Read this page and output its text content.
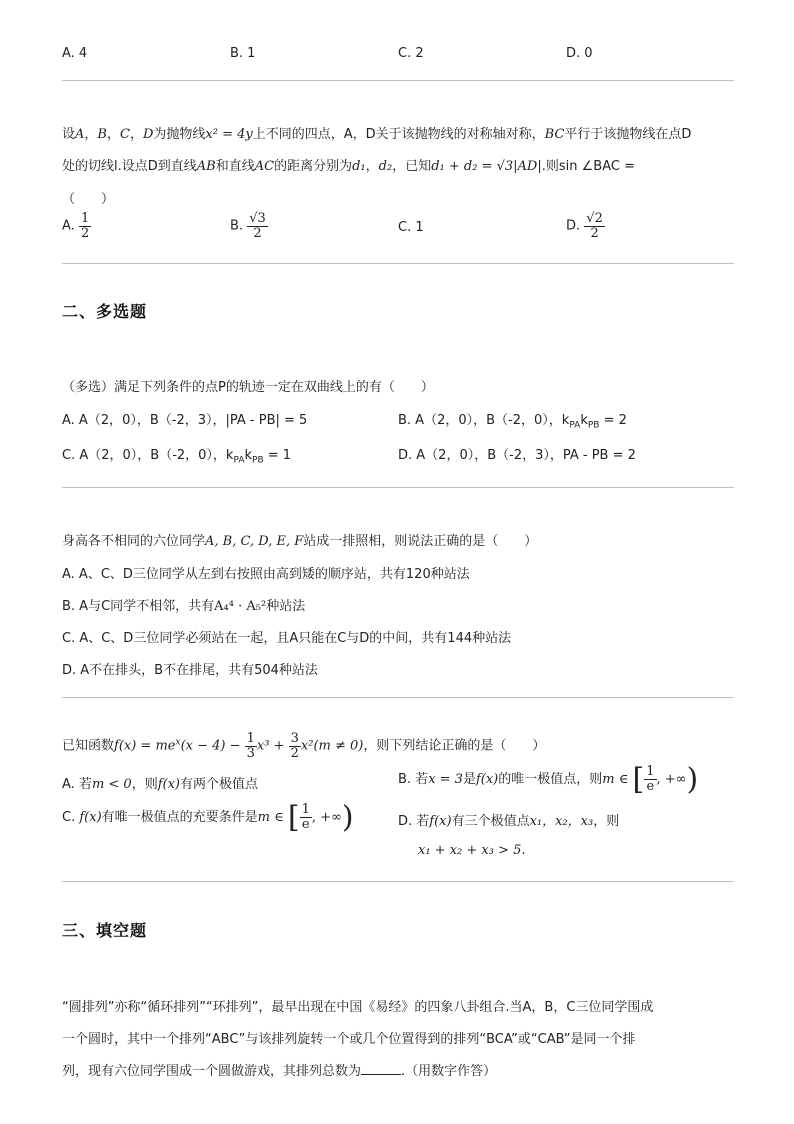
A. 4	B. 1	C. 2	D. 0
设A，B，C，D为抛物线x² = 4y上不同的四点，A，D关于该抛物线的对称轴对称，BC平行于该抛物线在点D
处的切线l.设点D到直线AB和直线AC的距离分别为d₁，d₂，已知d₁ + d₂ = √3|AD|.则sin ∠BAC =
（　　）
A. $\frac{1}{2}$	B. $\frac{√3}{2}$	C. 1	D. $\frac{√2}{2}$
二、多选题
（多选）满足下列条件的点P的轨迹一定在双曲线上的有（　　）
A. A（2，0），B（-2，3），|PA - PB| = 5	B. A（2，0），B（-2，0），$k_{PA}k_{PB} = 2$
C. A（2，0），B（-2，0），$k_{PA}k_{PB} = 1$	D. A（2，0），B（-2，3），PA - PB = 2
身高各不相同的六位同学A, B, C, D, E, F站成一排照相，则说法正确的是（　　）
A. A、C、D三位同学从左到右按照由高到矮的顺序站，共有120种站法
B. A与C同学不相邻，共有A₄⁴ · A₅²种站法
C. A、C、D三位同学必须站在一起，且A只能在C与D的中间，共有144种站法
D. A不在排头，B不在排尾，共有504种站法
已知函数$f(x) = me^x(x - 4) - \frac{1}{3} x^3 + \frac{3}{2} x^2(m \ne 0)$，则下列结论正确的是（　　）
A. 若m < 0，则f(x)有两个极值点	B. 若x = 3是f(x)的唯一极值点，则m ∈ [ $\frac{1}{e}$ , +∞)
C. f(x)有唯一极值点的充要条件是m ∈ [ $\frac{1}{e}$ , +∞)	D. 若f(x)有三个极值点x₁，x₂，x₃，则
x₁ + x₂ + x₃ > 5.
三、填空题
“圆排列”亦称“循环排列”“环排列”，最早出现在中国《易经》的四象八卦组合.当A，B，C三位同学围成
一个圆时，其中一个排列“ABC”与该排列旋转一个或几个位置得到的排列“BCA”或“CAB”是同一个排
列，现有六位同学围成一个圆做游戏，其排列总数为	.（用数字作答）
